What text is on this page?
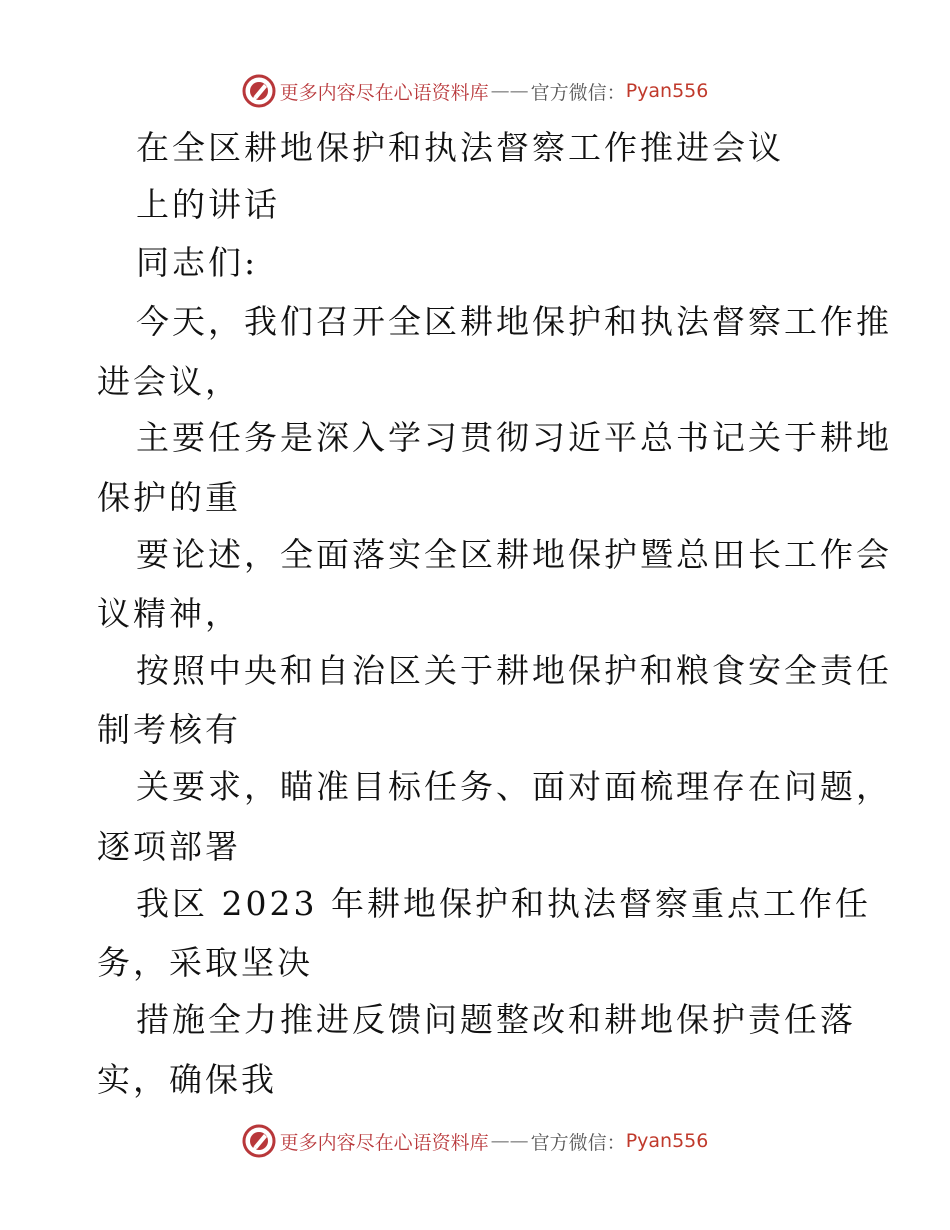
更多内容尽在心语资料库 —— 官方微信： Pyan556
在全区耕地保护和执法督察工作推进会议
上的讲话
同志们:
今天，我们召开全区耕地保护和执法督察工作推
进会议，
主要任务是深入学习贯彻习近平总书记关于耕地
保护的重
要论述，全面落实全区耕地保护暨总田长工作会
议精神，
按照中央和自治区关于耕地保护和粮食安全责任
制考核有
关要求，瞄准目标任务、面对面梳理存在问题，
逐项部署
我区 2023 年耕地保护和执法督察重点工作任
务，采取坚决
措施全力推进反馈问题整改和耕地保护责任落
实，确保我
更多内容尽在心语资料库 —— 官方微信： Pyan556
